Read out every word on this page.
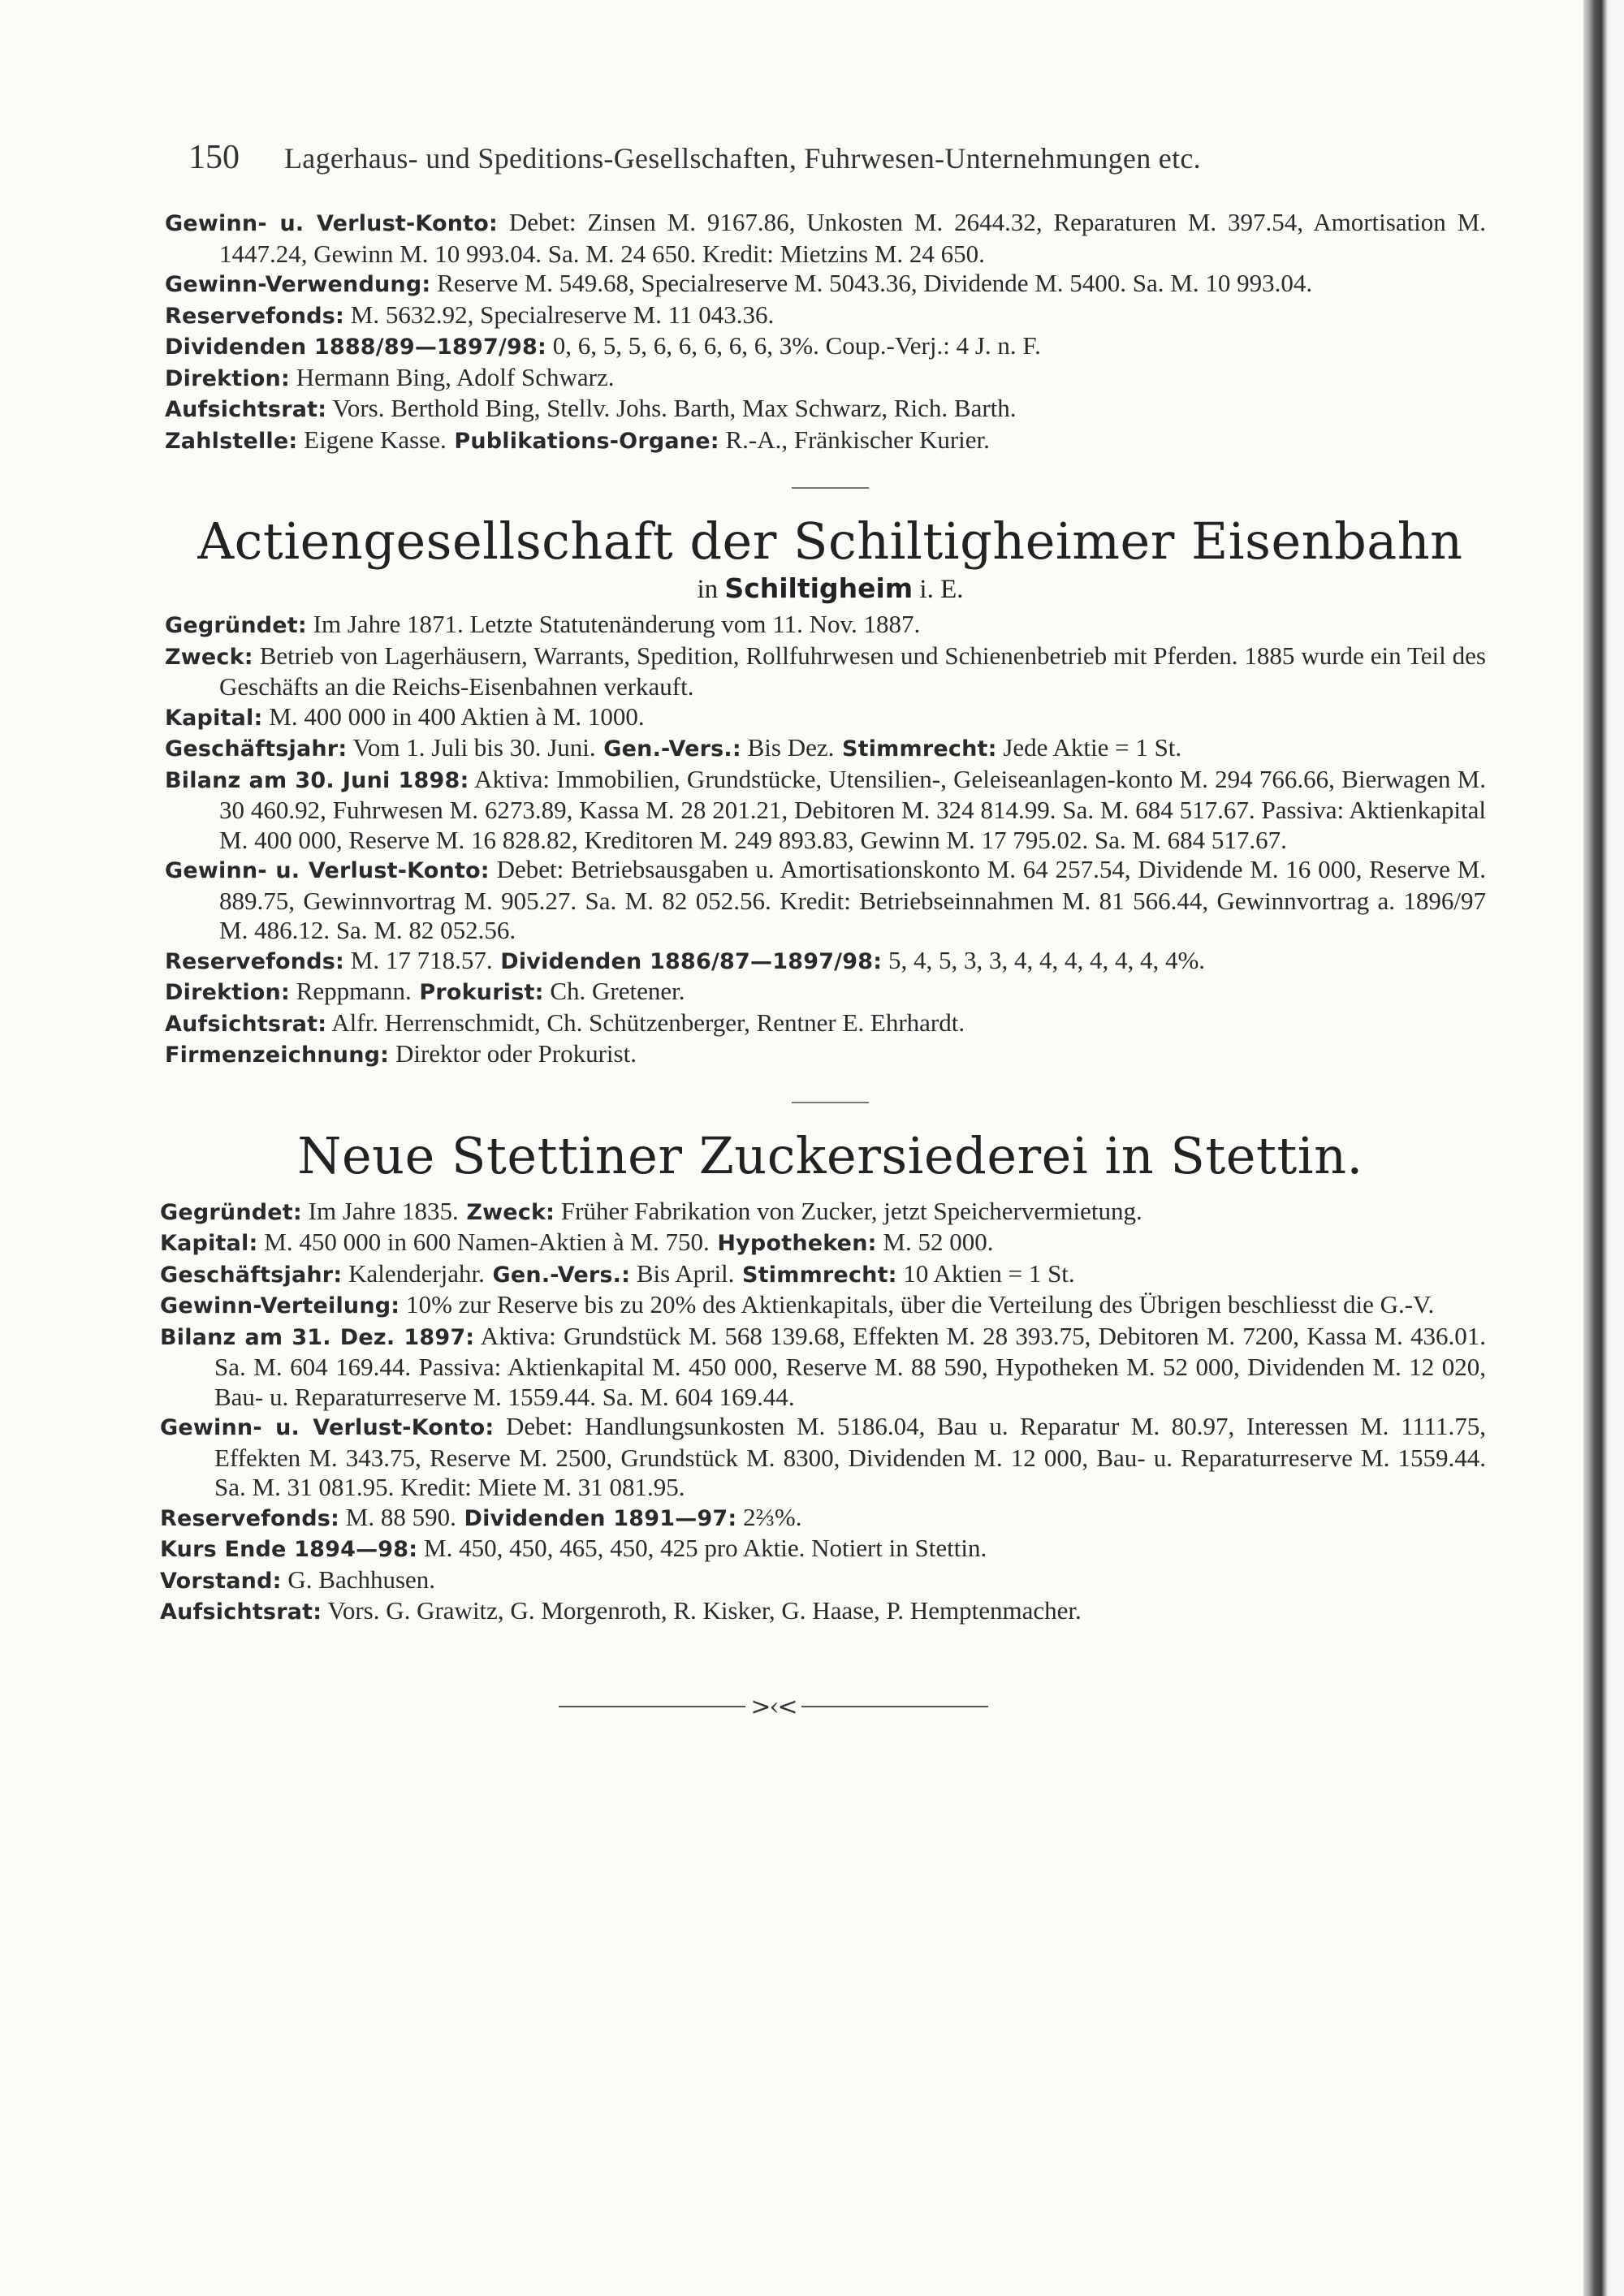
150 Lagerhaus- und Speditions-Gesellschaften, Fuhrwesen-Unternehmungen etc.

Gewinn- u. Verlust-Konto: Debet: Zinsen M. 9167.86, Unkosten M. 2644.32, Reparaturen M. 397.54, Amortisation M. 1447.24, Gewinn M. 10 993.04. Sa. M. 24 650. Kredit: Mietzins M. 24 650.

Gewinn-Verwendung: Reserve M. 549.68, Specialreserve M. 5043.36, Dividende M. 5400. Sa. M. 10 993.04.

Reservefonds: M. 5632.92, Specialreserve M. 11 043.36.

Dividenden 1888/89—1897/98: 0, 6, 5, 5, 6, 6, 6, 6, 6, 3%. Coup.-Verj.: 4 J. n. F.

Direktion: Hermann Bing, Adolf Schwarz.

Aufsichtsrat: Vors. Berthold Bing, Stellv. Johs. Barth, Max Schwarz, Rich. Barth.

Zahlstelle: Eigene Kasse. Publikations-Organe: R.-A., Fränkischer Kurier.

Actiengesellschaft der Schiltigheimer Eisenbahn
in Schiltigheim i. E.

Gegründet: Im Jahre 1871. Letzte Statutenänderung vom 11. Nov. 1887.

Zweck: Betrieb von Lagerhäusern, Warrants, Spedition, Rollfuhrwesen und Schienenbetrieb mit Pferden. 1885 wurde ein Teil des Geschäfts an die Reichs-Eisenbahnen verkauft.

Kapital: M. 400 000 in 400 Aktien à M. 1000.

Geschäftsjahr: Vom 1. Juli bis 30. Juni. Gen.-Vers.: Bis Dez. Stimmrecht: Jede Aktie = 1 St.

Bilanz am 30. Juni 1898: Aktiva: Immobilien, Grundstücke, Utensilien-, Geleiseanlagen-konto M. 294 766.66, Bierwagen M. 30 460.92, Fuhrwesen M. 6273.89, Kassa M. 28 201.21, Debitoren M. 324 814.99. Sa. M. 684 517.67. Passiva: Aktienkapital M. 400 000, Reserve M. 16 828.82, Kreditoren M. 249 893.83, Gewinn M. 17 795.02. Sa. M. 684 517.67.

Gewinn- u. Verlust-Konto: Debet: Betriebsausgaben u. Amortisationskonto M. 64 257.54, Dividende M. 16 000, Reserve M. 889.75, Gewinnvortrag M. 905.27. Sa. M. 82 052.56. Kredit: Betriebseinnahmen M. 81 566.44, Gewinnvortrag a. 1896/97 M. 486.12. Sa. M. 82 052.56.

Reservefonds: M. 17 718.57. Dividenden 1886/87—1897/98: 5, 4, 5, 3, 3, 4, 4, 4, 4, 4, 4, 4%.

Direktion: Reppmann. Prokurist: Ch. Gretener.

Aufsichtsrat: Alfr. Herrenschmidt, Ch. Schützenberger, Rentner E. Ehrhardt.

Firmenzeichnung: Direktor oder Prokurist.

Neue Stettiner Zuckersiederei in Stettin.

Gegründet: Im Jahre 1835. Zweck: Früher Fabrikation von Zucker, jetzt Speichervermietung.

Kapital: M. 450 000 in 600 Namen-Aktien à M. 750. Hypotheken: M. 52 000.

Geschäftsjahr: Kalenderjahr. Gen.-Vers.: Bis April. Stimmrecht: 10 Aktien = 1 St.

Gewinn-Verteilung: 10% zur Reserve bis zu 20% des Aktienkapitals, über die Verteilung des Übrigen beschliesst die G.-V.

Bilanz am 31. Dez. 1897: Aktiva: Grundstück M. 568 139.68, Effekten M. 28 393.75, Debitoren M. 7200, Kassa M. 436.01. Sa. M. 604 169.44. Passiva: Aktienkapital M. 450 000, Reserve M. 88 590, Hypotheken M. 52 000, Dividenden M. 12 020, Bau- u. Reparaturreserve M. 1559.44. Sa. M. 604 169.44.

Gewinn- u. Verlust-Konto: Debet: Handlungsunkosten M. 5186.04, Bau u. Reparatur M. 80.97, Interessen M. 1111.75, Effekten M. 343.75, Reserve M. 2500, Grundstück M. 8300, Dividenden M. 12 000, Bau- u. Reparaturreserve M. 1559.44. Sa. M. 31 081.95. Kredit: Miete M. 31 081.95.

Reservefonds: M. 88 590. Dividenden 1891—97: 2⅔%.

Kurs Ende 1894—98: M. 450, 450, 465, 450, 425 pro Aktie. Notiert in Stettin.

Vorstand: G. Bachhusen.

Aufsichtsrat: Vors. G. Grawitz, G. Morgenroth, R. Kisker, G. Haase, P. Hemptenmacher.

>‹<
